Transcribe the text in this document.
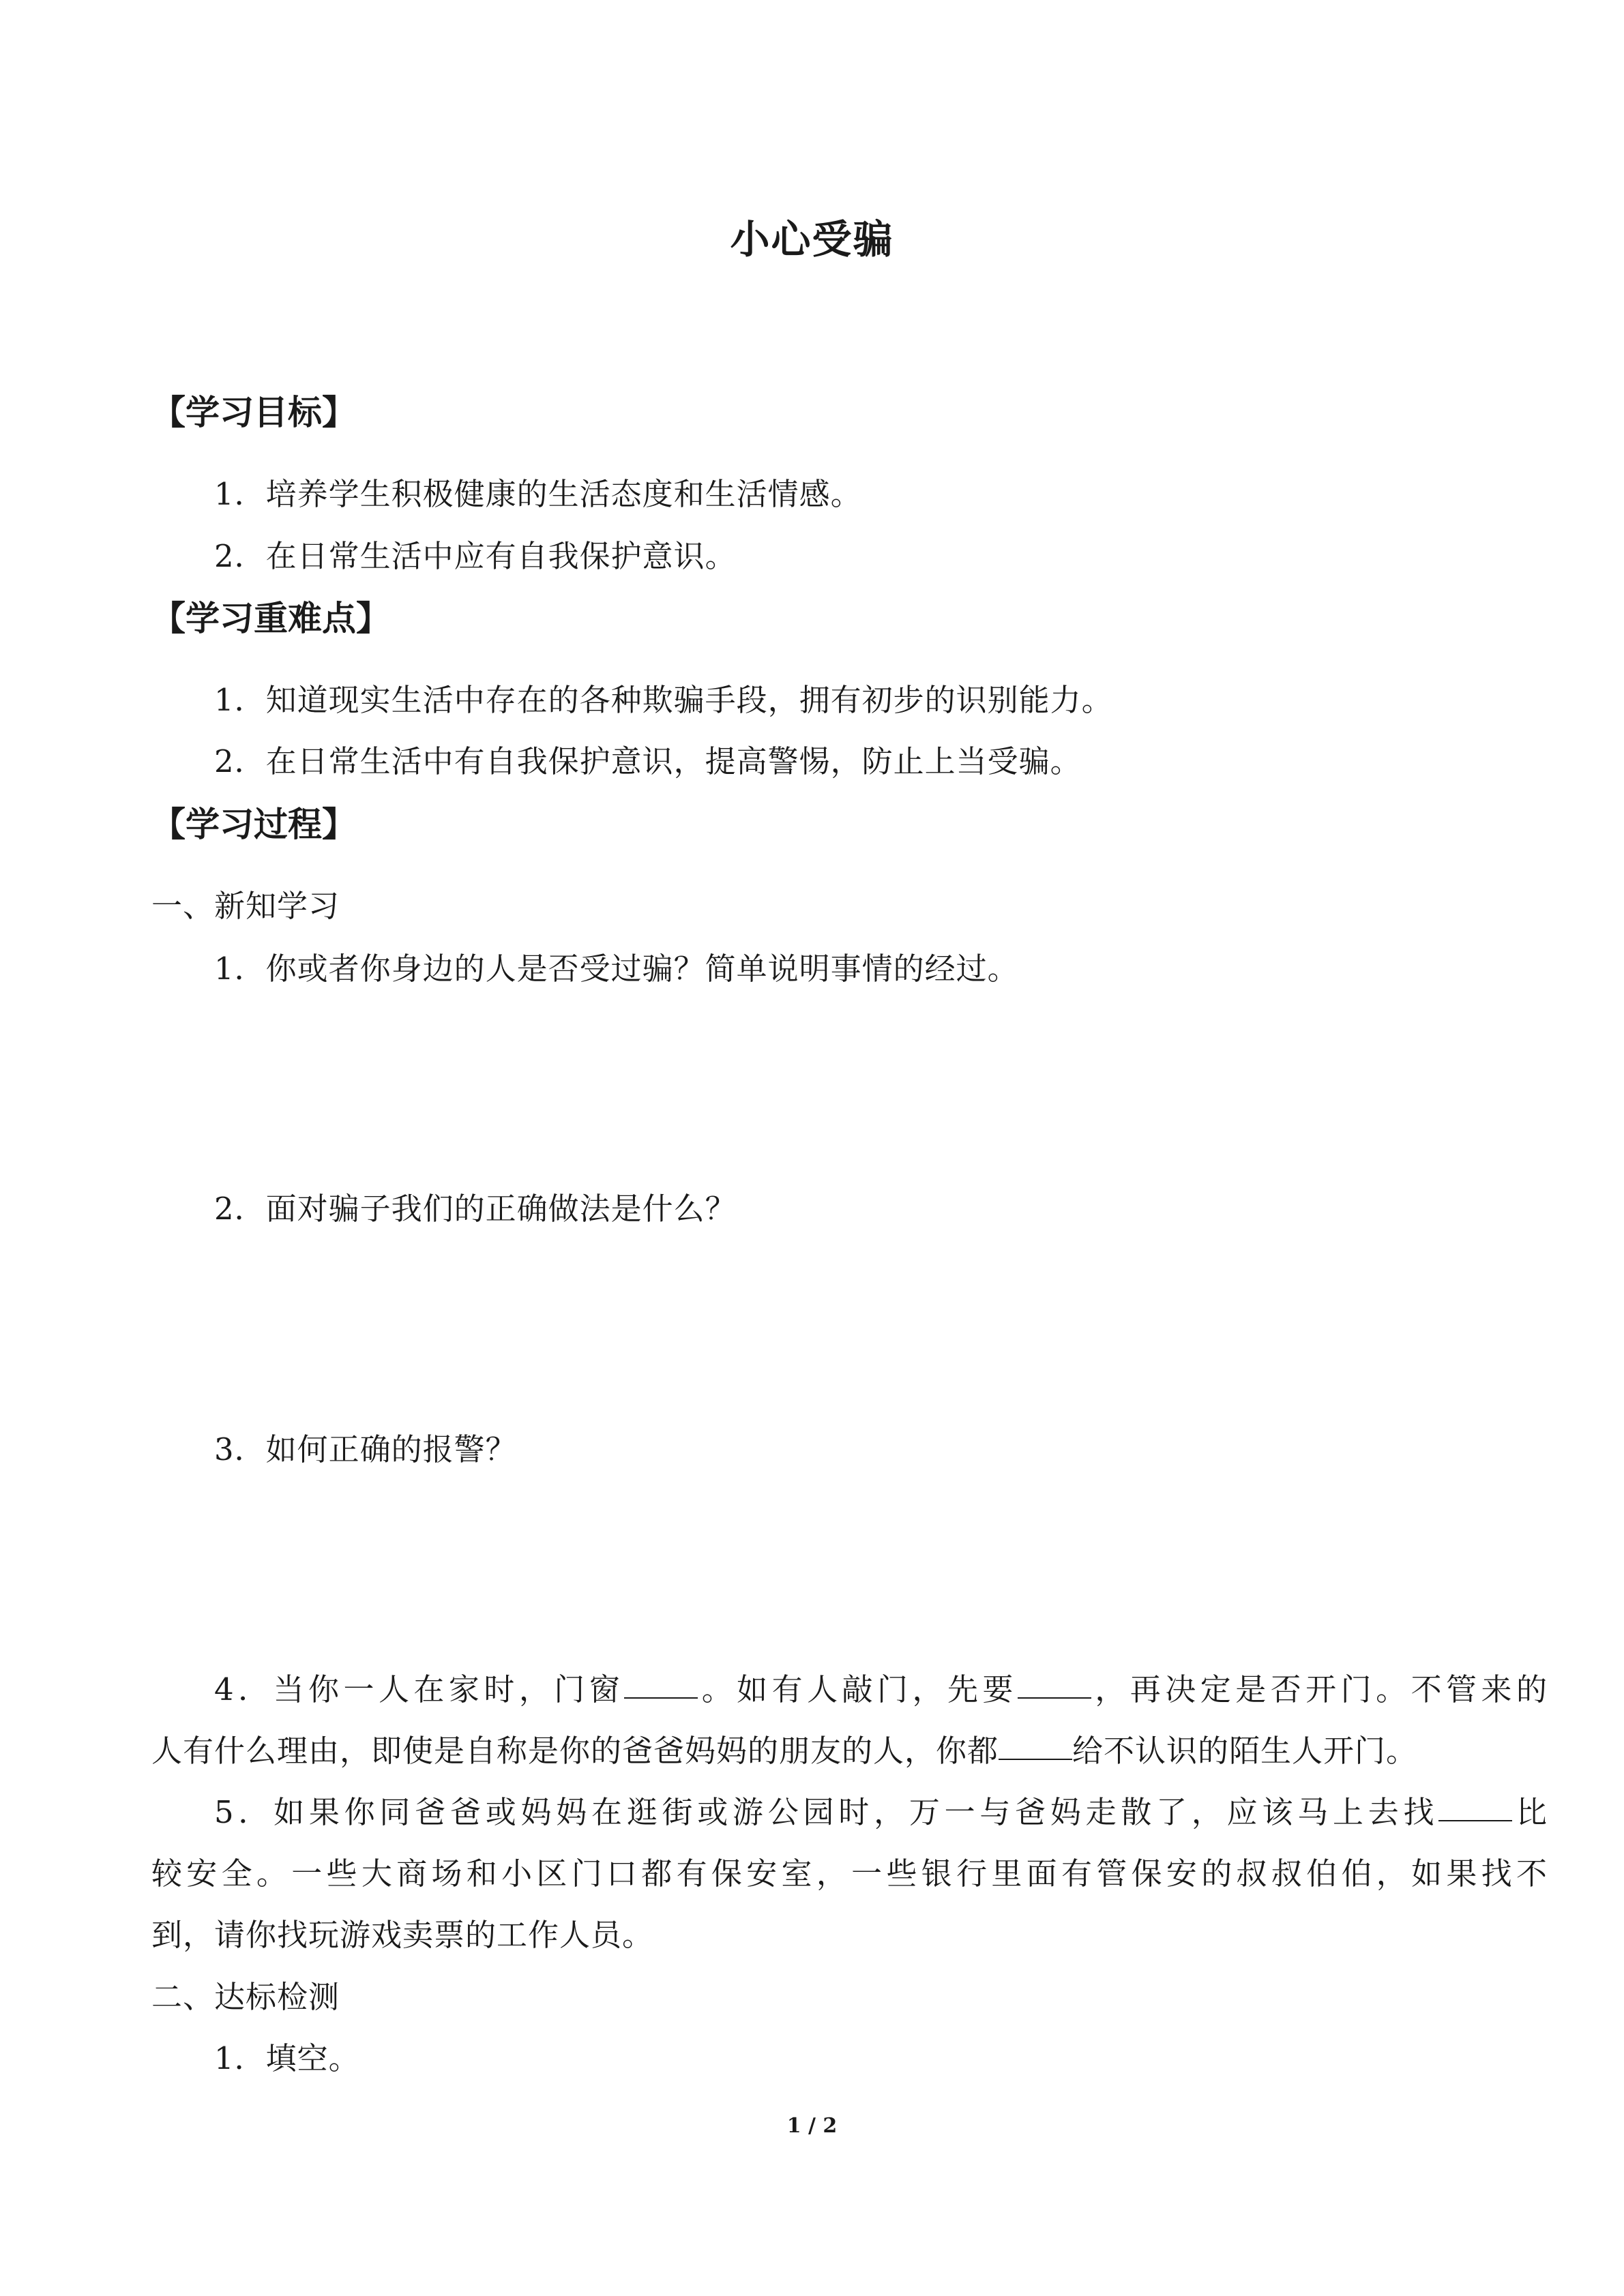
小心受骗
【学习目标】
1．培养学生积极健康的生活态度和生活情感。
2．在日常生活中应有自我保护意识。
【学习重难点】
1．知道现实生活中存在的各种欺骗手段，拥有初步的识别能力。
2．在日常生活中有自我保护意识，提高警惕，防止上当受骗。
【学习过程】
一、新知学习
1．你或者你身边的人是否受过骗？简单说明事情的经过。
2．面对骗子我们的正确做法是什么？
3．如何正确的报警？
4．当你一人在家时，门窗 。如有人敲门，先要 ，再决定是否开门。不管来的
人有什么理由，即使是自称是你的爸爸妈妈的朋友的人，你都 给不认识的陌生人开门。
5．如果你同爸爸或妈妈在逛街或游公园时，万一与爸妈走散了，应该马上去找 比
较安全。一些大商场和小区门口都有保安室，一些银行里面有管保安的叔叔伯伯，如果找不
到，请你找玩游戏卖票的工作人员。
二、达标检测
1．填空。
1 / 2
